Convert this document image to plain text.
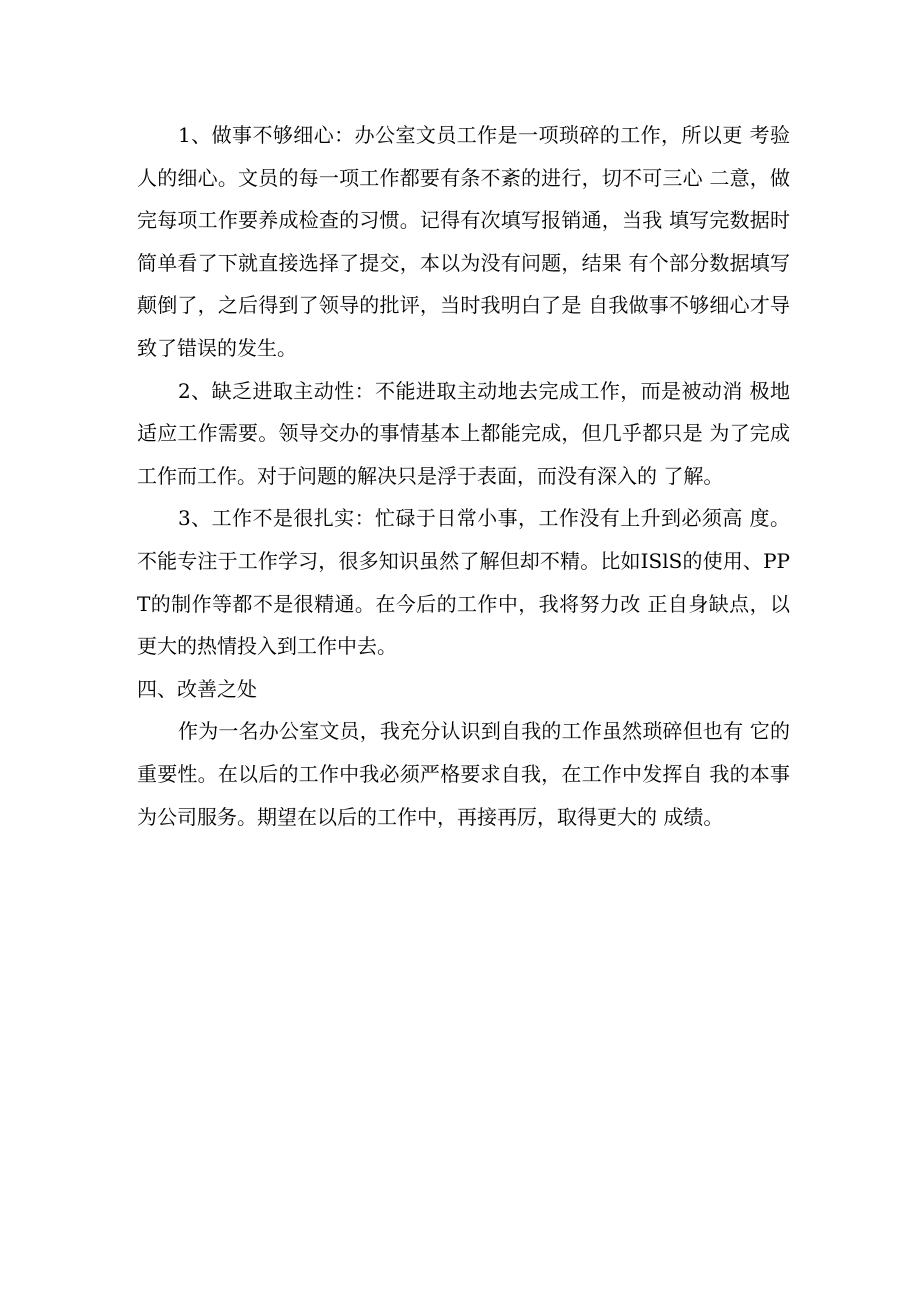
1、做事不够细心：办公室文员工作是一项琐碎的工作，所以更 考验人的细心。文员的每一项工作都要有条不紊的进行，切不可三心 二意，做完每项工作要养成检查的习惯。记得有次填写报销通，当我 填写完数据时简单看了下就直接选择了提交，本以为没有问题，结果 有个部分数据填写颠倒了，之后得到了领导的批评，当时我明白了是 自我做事不够细心才导致了错误的发生。

2、缺乏进取主动性：不能进取主动地去完成工作，而是被动消 极地适应工作需要。领导交办的事情基本上都能完成，但几乎都只是 为了完成工作而工作。对于问题的解决只是浮于表面，而没有深入的 了解。

3、工作不是很扎实：忙碌于日常小事，工作没有上升到必须高 度。不能专注于工作学习，很多知识虽然了解但却不精。比如ISlS的使用、PPT的制作等都不是很精通。在今后的工作中，我将努力改 正自身缺点，以更大的热情投入到工作中去。

四、改善之处

作为一名办公室文员，我充分认识到自我的工作虽然琐碎但也有 它的重要性。在以后的工作中我必须严格要求自我，在工作中发挥自 我的本事为公司服务。期望在以后的工作中，再接再厉，取得更大的 成绩。
